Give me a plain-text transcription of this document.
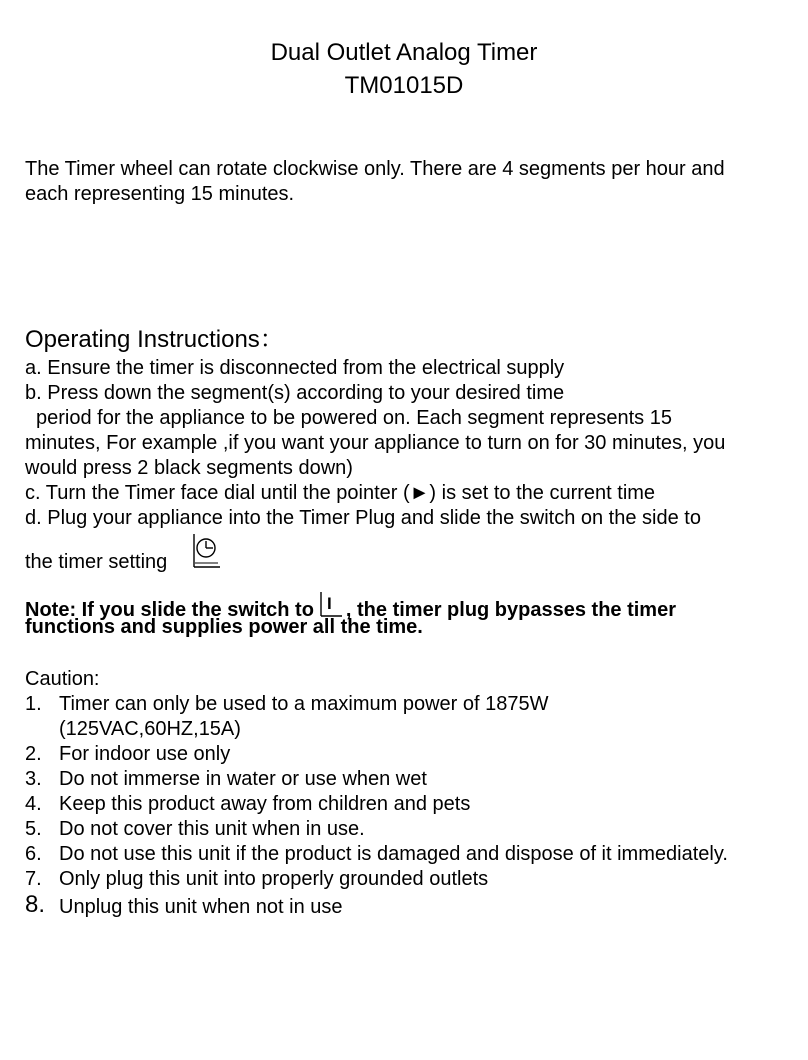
Dual Outlet Analog Timer
TM01015D
The Timer wheel can rotate clockwise only. There are 4 segments per hour and
each representing 15 minutes.
Operating Instructions：
a. Ensure the timer is disconnected from the electrical supply
b. Press down the segment(s) according to your desired time
period for the appliance to be powered on. Each segment represents 15
minutes, For example ,if you want your appliance to turn on for 30 minutes, you
would press 2 black segments down)
c. Turn the Timer face dial until the pointer (►) is set to the current time
d. Plug your appliance into the Timer Plug and slide the switch on the side to
the timer setting
Note: If you slide the switch to I , the timer plug bypasses the timer
functions and supplies power all the time.
Caution:
1. Timer can only be used to a maximum power of 1875W
(125VAC,60HZ,15A)
2. For indoor use only
3. Do not immerse in water or use when wet
4. Keep this product away from children and pets
5. Do not cover this unit when in use.
6. Do not use this unit if the product is damaged and dispose of it immediately.
7. Only plug this unit into properly grounded outlets
8. Unplug this unit when not in use
